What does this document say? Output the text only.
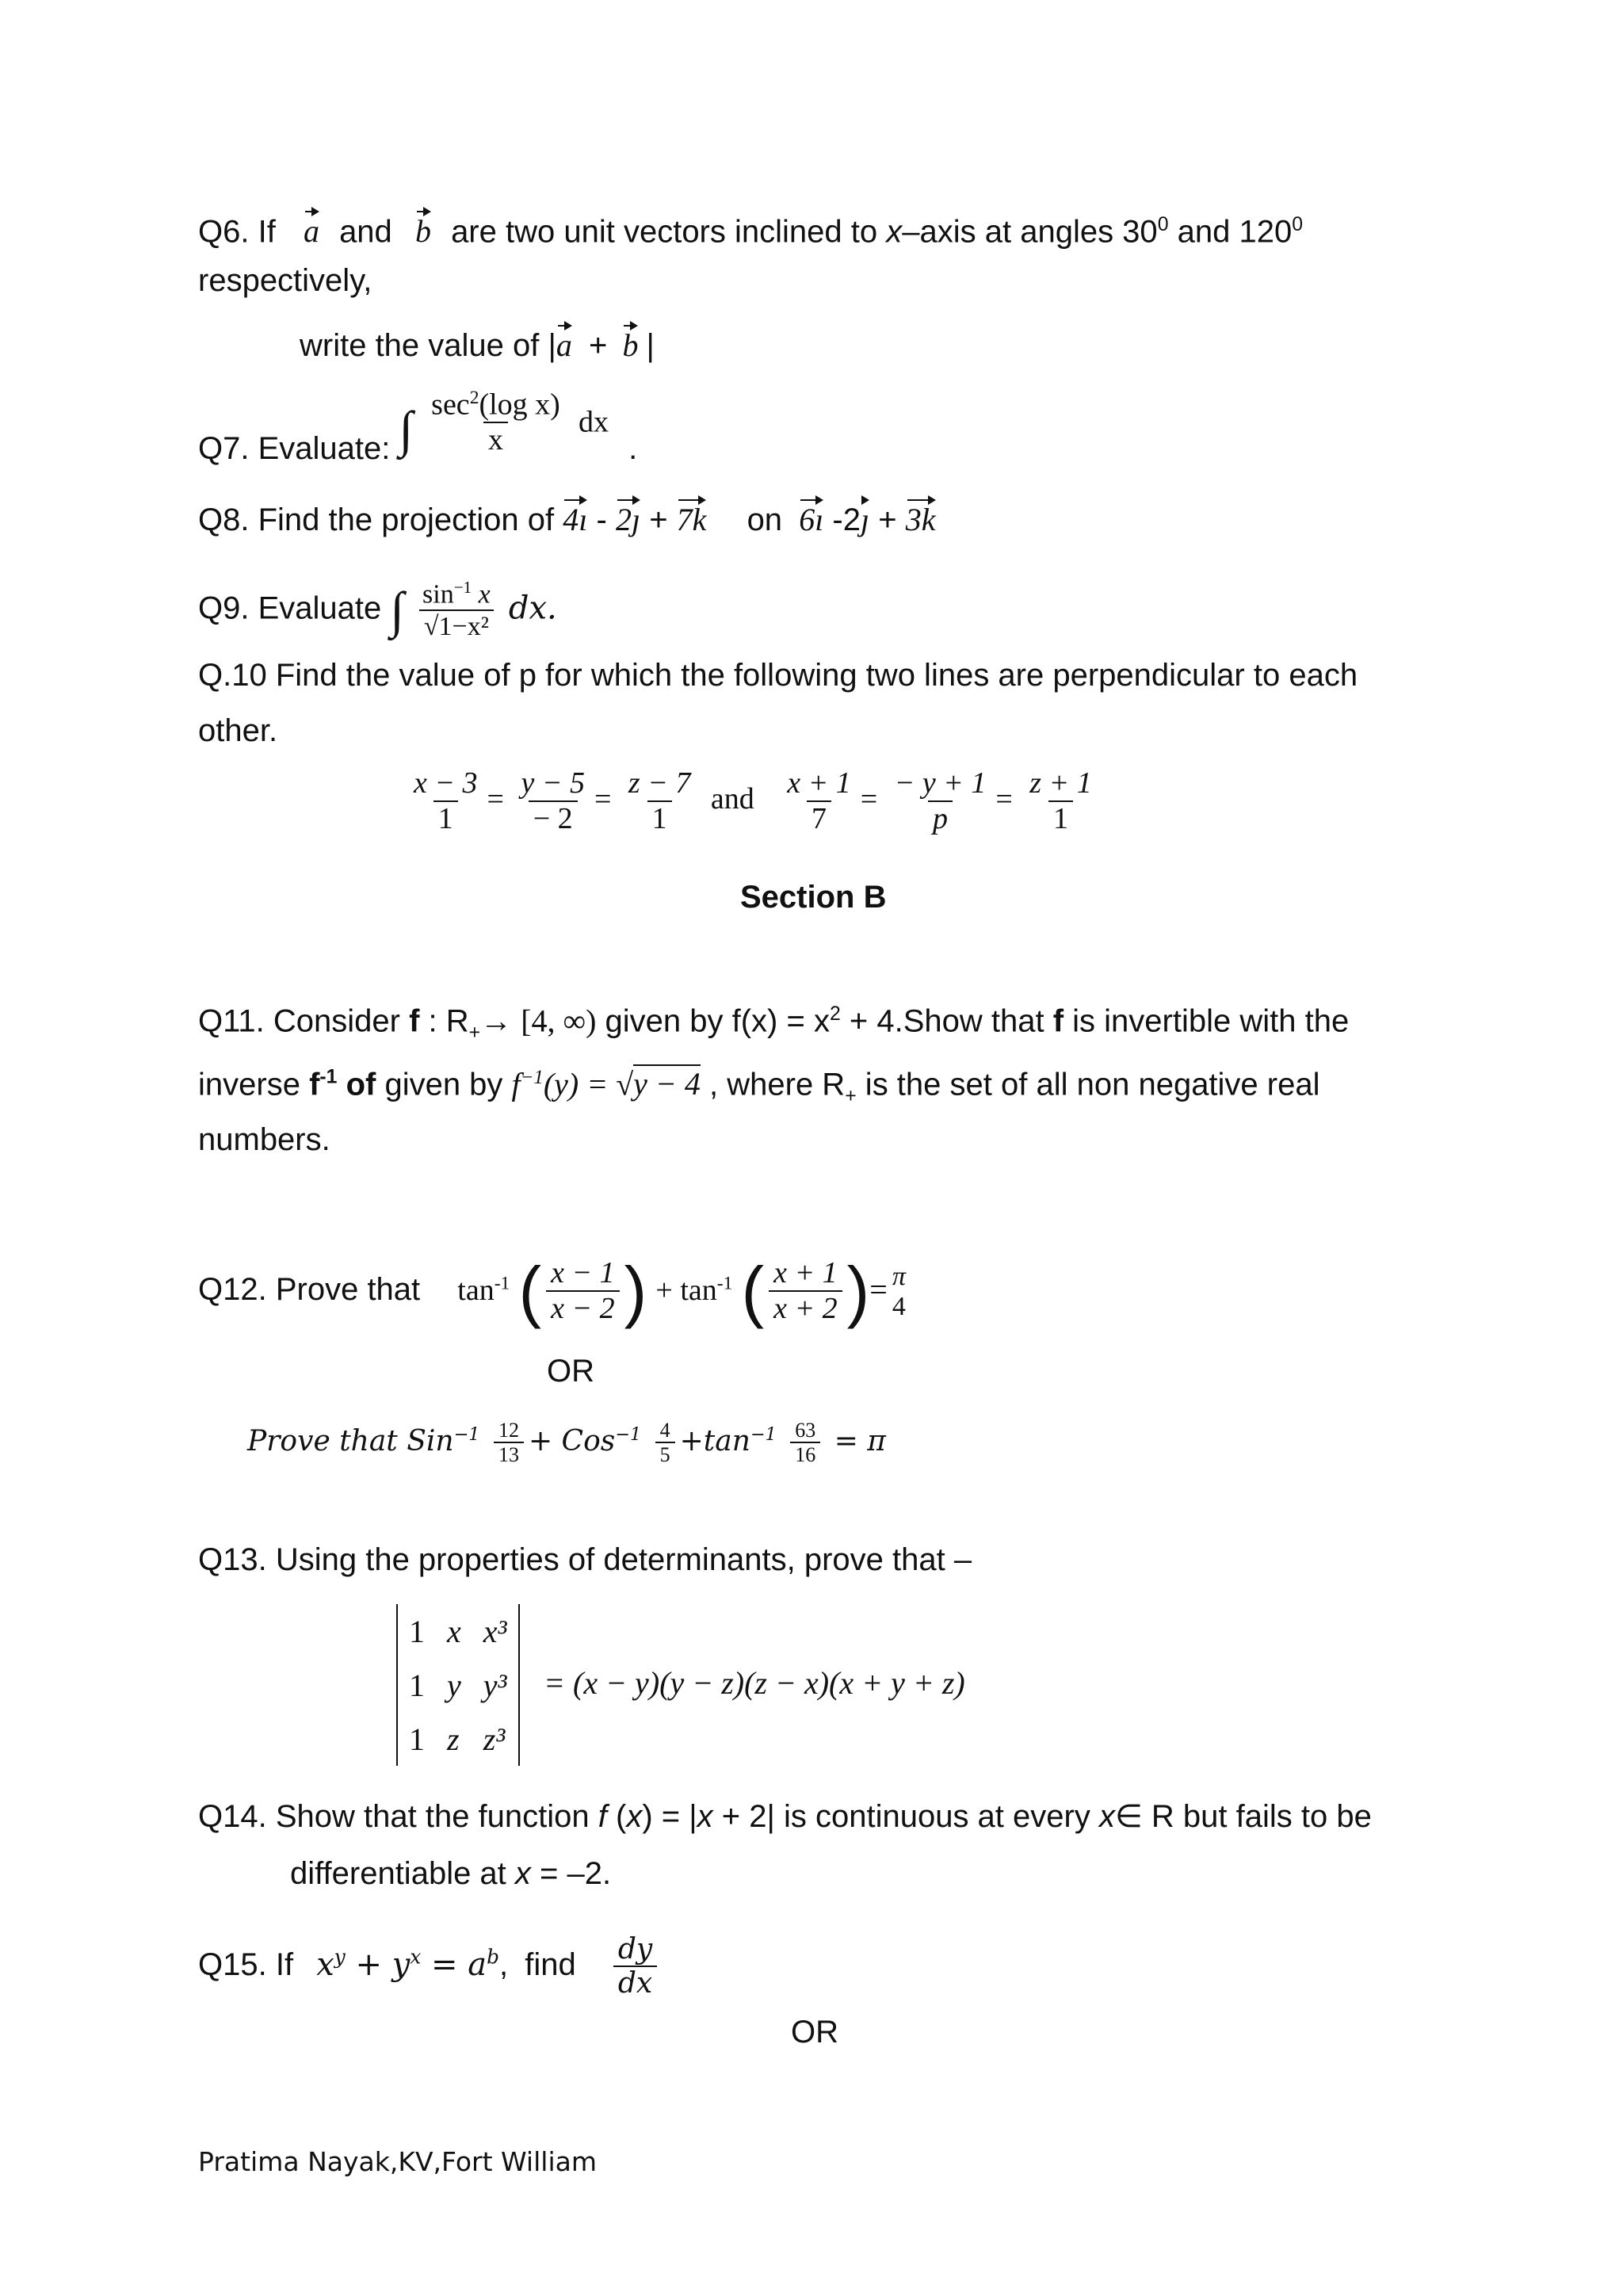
Q6. If a and b are two unit vectors inclined to x–axis at angles $30^0$ and $120^0$
respectively,
write the value of |a + b |
Q7. Evaluate: ∫ $\frac{\sec^2(\log x)}{x}$ dx .
Q8. Find the projection of 4ı - 2ȷ + 7k on 6ı -2ȷ + 3k
Q9. Evaluate ∫ $\frac{\sin^{-1} x}{\text{√1−x²}}$ dx.
Q.10 Find the value of p for which the following two lines are perpendicular to each
other.
$\frac{x - 3}{1} = \frac{y - 5}{- 2} = \frac{z - 7}{1}$ and $\frac{x + 1}{7} = \frac{- y + 1}{p} = \frac{z + 1}{1}$
Section B
Q11. Consider f : $R_+\to [4$, ∞) given by $f(x) = x^2$ + 4.Show that f is invertible with the
inverse $f^{-1}$ of given by $f^{-1}(y) = √y - 4$ , where $R_+$ is the set of all non negative real
numbers.
Q12. Prove that $\tan^{-1}$ ( $\frac{x - 1}{x - 2}$ ) + $\tan^{-1}$ ( $\frac{x + 1}{x + 2}$ )= π
4
OR
Prove that $Sin^{-1} \frac{12}{13} + Cos^{-1} \frac{4}{5} +\tan^{-1} \frac{63}{16} = \pi$
Q13. Using the properties of determinants, prove that –
1	x	x³
1	y	y³
1	z	z³
= (x − y)(y − z)(z − x)(x + y + z)
Q14. Show that the function f (x) = |x + 2| is continuous at every x∈ R but fails to be
differentiable at x = –2.
Q15. If $x^y + y^x = a^b$, find $\frac{dy}{dx}$
OR
Pratima Nayak,KV,Fort William
